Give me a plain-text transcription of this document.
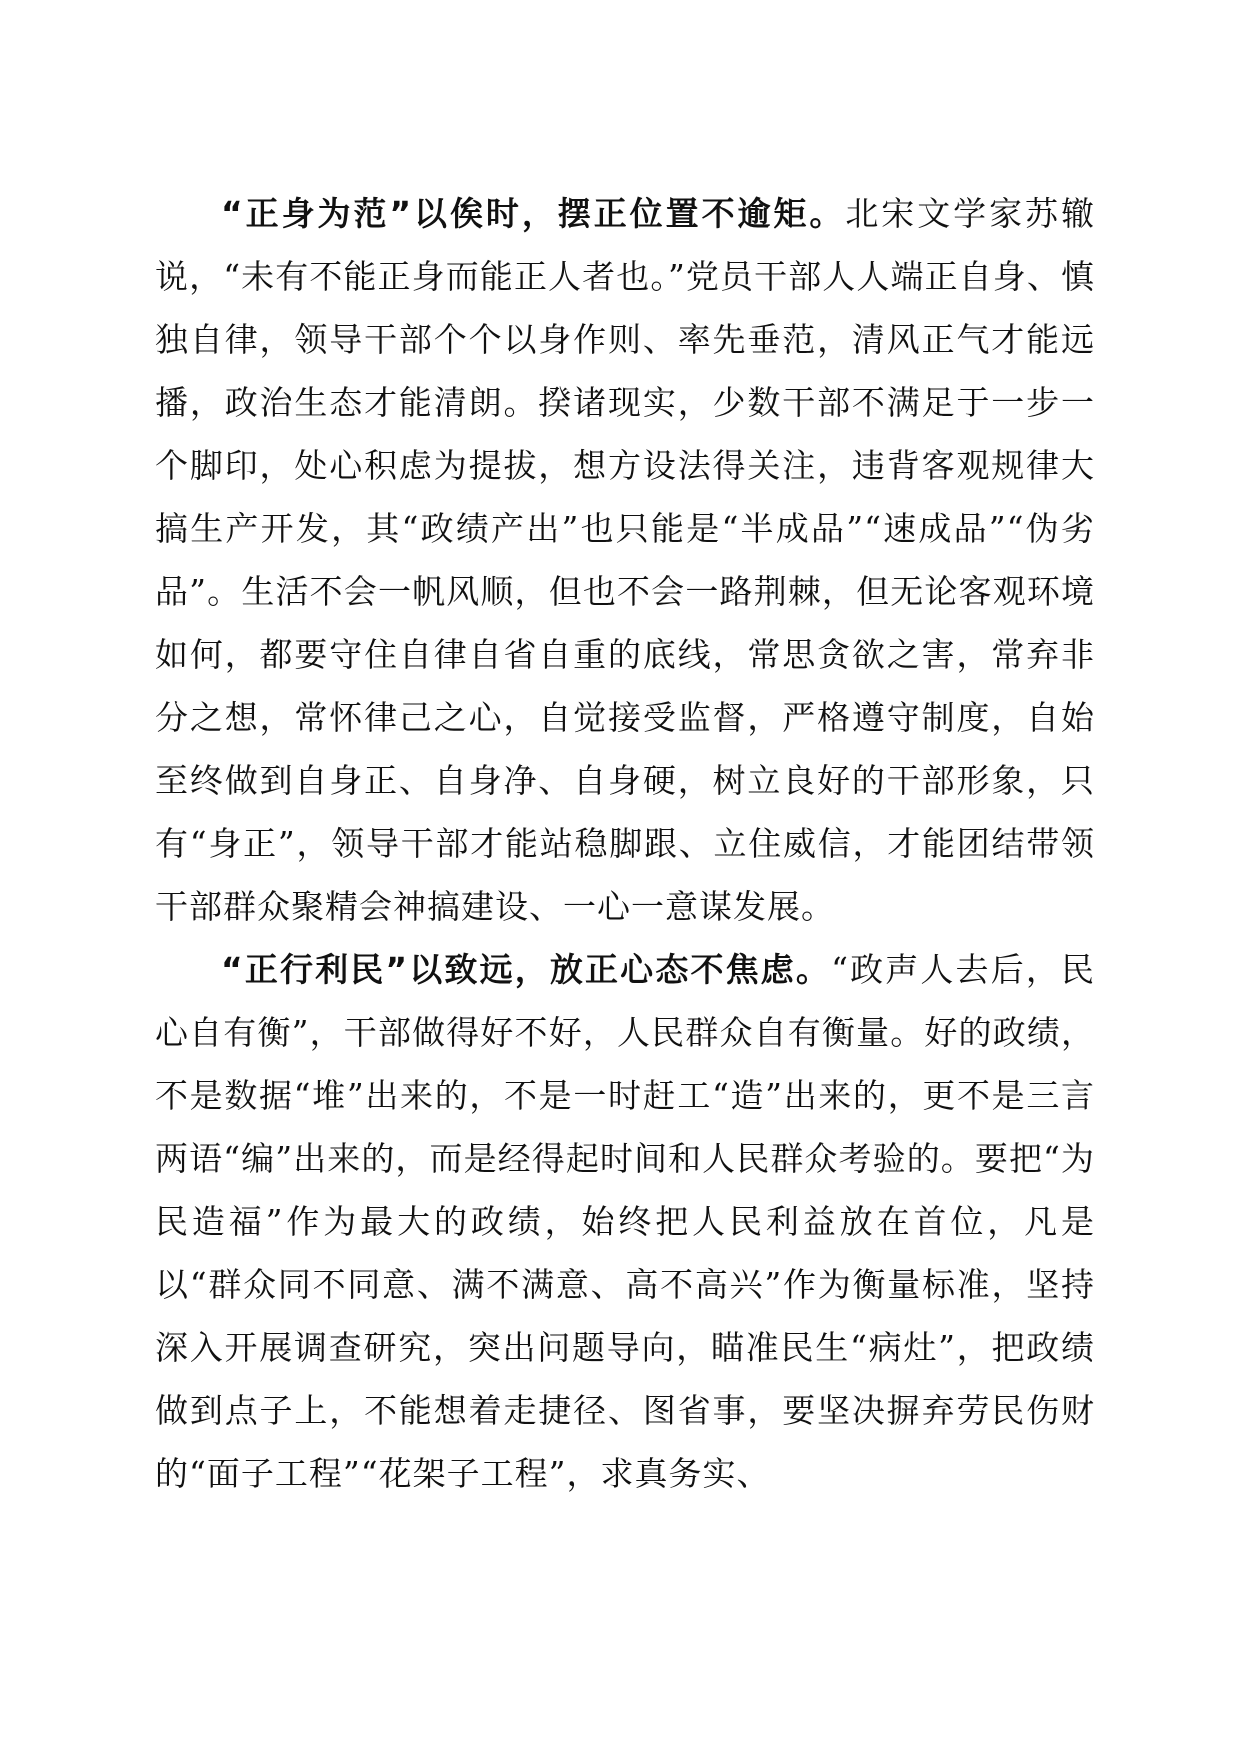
“正身为范”以俟时，摆正位置不逾矩。北宋文学家苏辙说，“未有不能正身而能正人者也。”党员干部人人端正自身、慎独自律，领导干部个个以身作则、率先垂范，清风正气才能远播，政治生态才能清朗。揆诸现实，少数干部不满足于一步一个脚印，处心积虑为提拔，想方设法得关注，违背客观规律大搞生产开发，其“政绩产出”也只能是“半成品”“速成品”“伪劣品”。生活不会一帆风顺，但也不会一路荆棘，但无论客观环境如何，都要守住自律自省自重的底线，常思贪欲之害，常弃非分之想，常怀律己之心，自觉接受监督，严格遵守制度，自始至终做到自身正、自身净、自身硬，树立良好的干部形象，只有“身正”，领导干部才能站稳脚跟、立住威信，才能团结带领干部群众聚精会神搞建设、一心一意谋发展。

“正行利民”以致远，放正心态不焦虑。“政声人去后，民心自有衡”，干部做得好不好，人民群众自有衡量。好的政绩，不是数据“堆”出来的，不是一时赶工“造”出来的，更不是三言两语“编”出来的，而是经得起时间和人民群众考验的。要把“为民造福”作为最大的政绩，始终把人民利益放在首位，凡是以“群众同不同意、满不满意、高不高兴”作为衡量标准，坚持深入开展调查研究，突出问题导向，瞄准民生“病灶”，把政绩做到点子上，不能想着走捷径、图省事，要坚决摒弃劳民伤财的“面子工程”“花架子工程”，求真务实、
